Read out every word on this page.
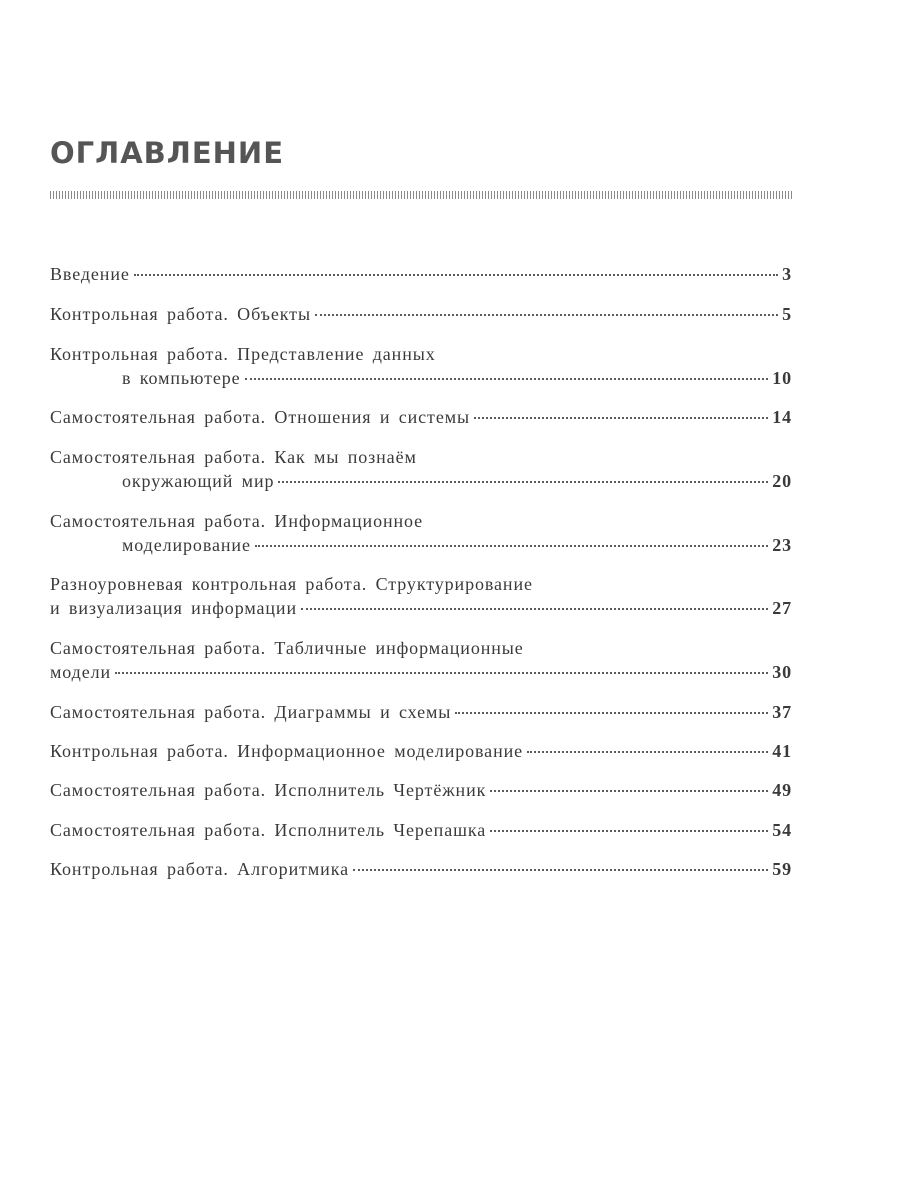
ОГЛАВЛЕНИЕ
Введение	3
Контрольная работа. Объекты	5
Контрольная работа. Представление данных
в компьютере	10
Самостоятельная работа. Отношения и системы	14
Самостоятельная работа. Как мы познаём
окружающий мир	20
Самостоятельная работа. Информационное
моделирование	23
Разноуровневая контрольная работа. Структурирование
и визуализация информации	27
Самостоятельная работа. Табличные информационные
модели	30
Самостоятельная работа. Диаграммы и схемы	37
Контрольная работа. Информационное моделирование	41
Самостоятельная работа. Исполнитель Чертёжник	49
Самостоятельная работа. Исполнитель Черепашка	54
Контрольная работа. Алгоритмика	59
